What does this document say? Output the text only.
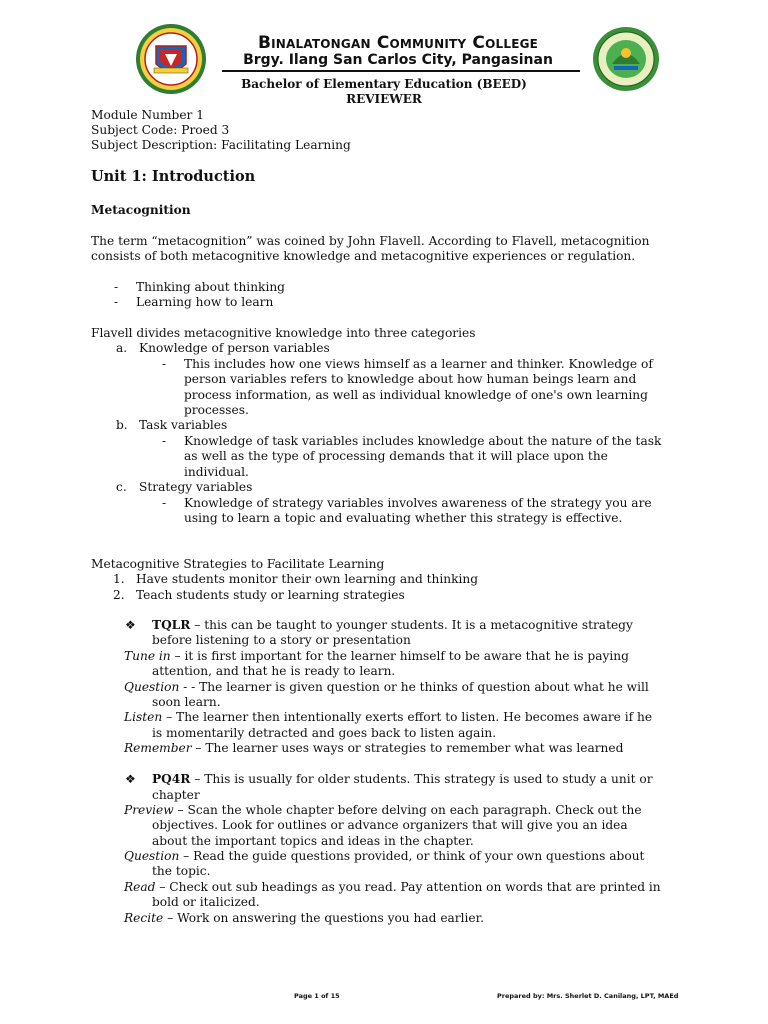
Binalatongan Community College
Brgy. Ilang San Carlos City, Pangasinan
Bachelor of Elementary Education (BEED)
REVIEWER
Module Number 1
Subject Code: Proed 3
Subject Description: Facilitating Learning
Unit 1: Introduction
Metacognition
The term “metacognition” was coined by John Flavell. According to Flavell, metacognition
consists of both metacognitive knowledge and metacognitive experiences or regulation.
- Thinking about thinking
- Learning how to learn
Flavell divides metacognitive knowledge into three categories
a. Knowledge of person variables
- This includes how one views himself as a learner and thinker. Knowledge of
person variables refers to knowledge about how human beings learn and
process information, as well as individual knowledge of one's own learning
processes.
b. Task variables
- Knowledge of task variables includes knowledge about the nature of the task
as well as the type of processing demands that it will place upon the
individual.
c. Strategy variables
- Knowledge of strategy variables involves awareness of the strategy you are
using to learn a topic and evaluating whether this strategy is effective.
Metacognitive Strategies to Facilitate Learning
1. Have students monitor their own learning and thinking
2. Teach students study or learning strategies
❖ TQLR – this can be taught to younger students. It is a metacognitive strategy
before listening to a story or presentation
Tune in – it is first important for the learner himself to be aware that he is paying
attention, and that he is ready to learn.
Question - - The learner is given question or he thinks of question about what he will
soon learn.
Listen – The learner then intentionally exerts effort to listen. He becomes aware if he
is momentarily detracted and goes back to listen again.
Remember – The learner uses ways or strategies to remember what was learned
❖ PQ4R – This is usually for older students. This strategy is used to study a unit or
chapter
Preview – Scan the whole chapter before delving on each paragraph. Check out the
objectives. Look for outlines or advance organizers that will give you an idea
about the important topics and ideas in the chapter.
Question – Read the guide questions provided, or think of your own questions about
the topic.
Read – Check out sub headings as you read. Pay attention on words that are printed in
bold or italicized.
Recite – Work on answering the questions you had earlier.
Page 1 of 15	Prepared by: Mrs. Sherlet D. Canilang, LPT, MAEd
